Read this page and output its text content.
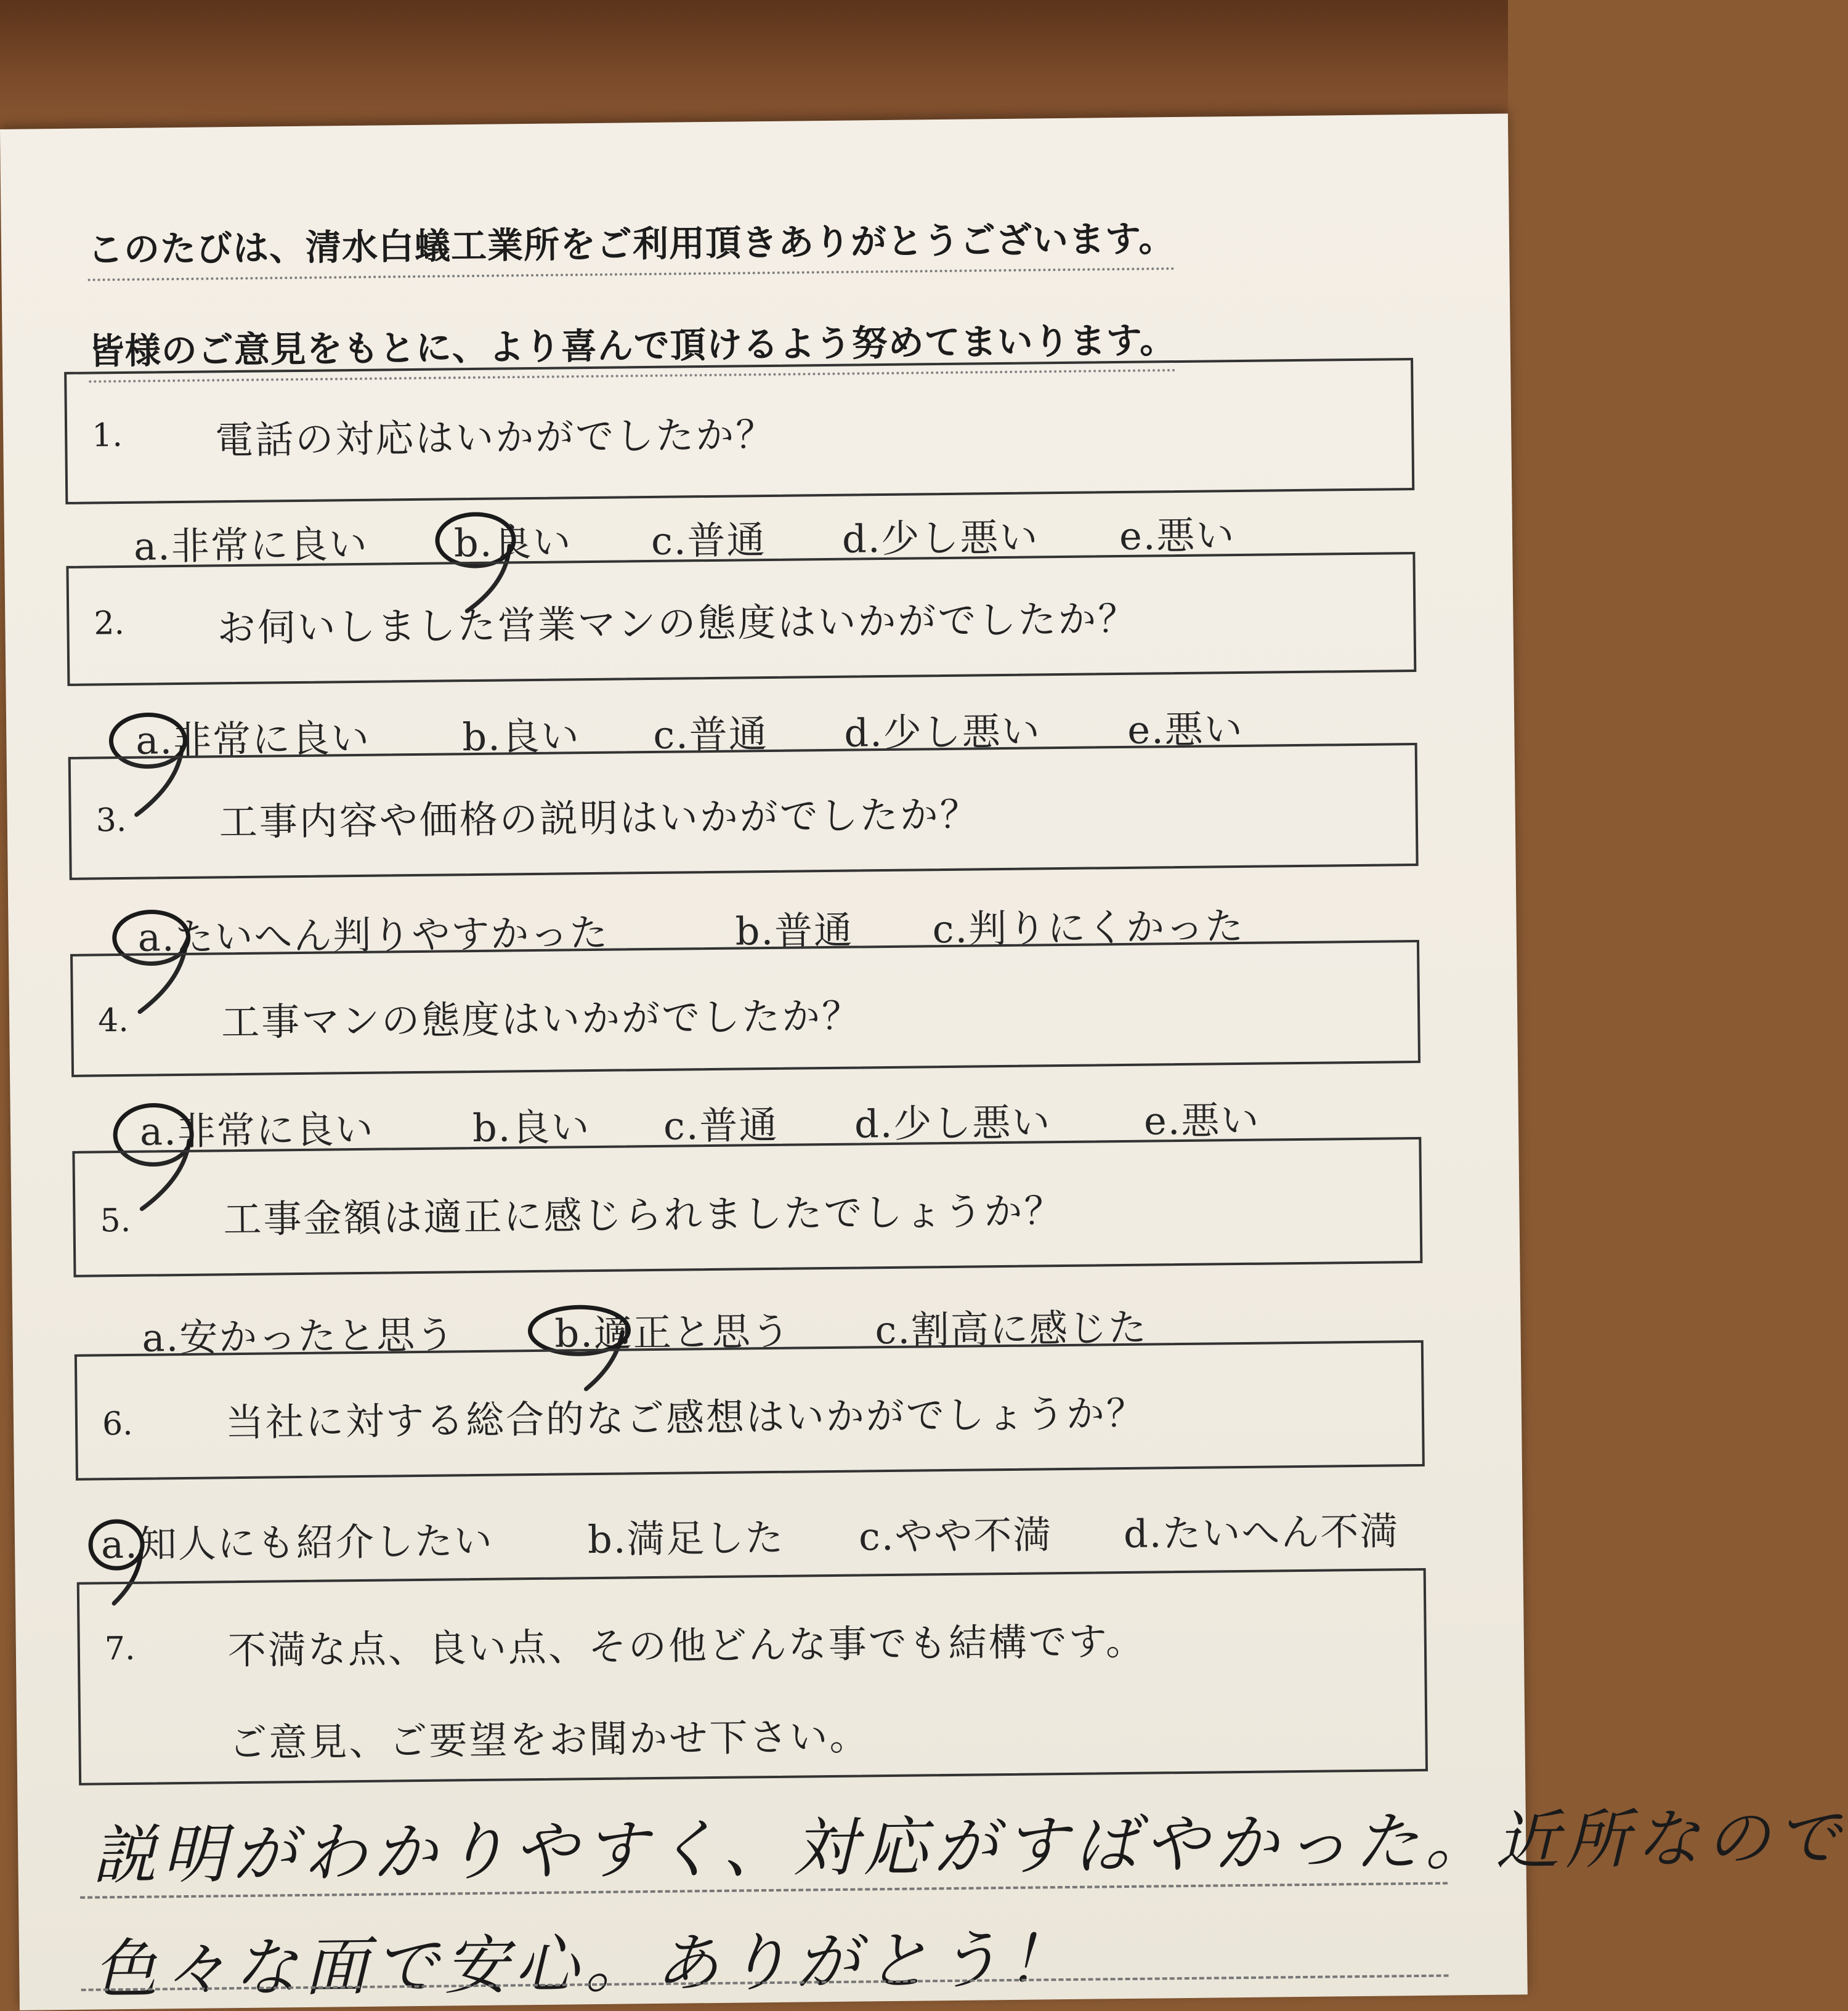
このたびは、清水白蟻工業所をご利用頂きありがとうございます。
皆様のご意見をもとに、より喜んで頂けるよう努めてまいります。
1. 電話の対応はいかがでしたか？
a.非常に良い b.良い c.普通 d.少し悪い e.悪い
2. お伺いしました営業マンの態度はいかがでしたか？
a.非常に良い b.良い c.普通 d.少し悪い e.悪い
3. 工事内容や価格の説明はいかがでしたか？
a.たいへん判りやすかった	b.普通 c.判りにくかった
4. 工事マンの態度はいかがでしたか？
a.非常に良い	b.良い c.普通 d.少し悪い e.悪い
5. 工事金額は適正に感じられましたでしょうか？
a.安かったと思う	b.適正と思う c.割高に感じた
6. 当社に対する総合的なご感想はいかがでしょうか？
a.知人にも紹介したい b.満足した c.やや不満 d.たいへん不満
7. 不満な点、良い点、その他どんな事でも結構です。
ご意見、ご要望をお聞かせ下さい。
説明がわかりやすく、対応がすばやかった。近所なので
色々な面で安心。ありがとう！
